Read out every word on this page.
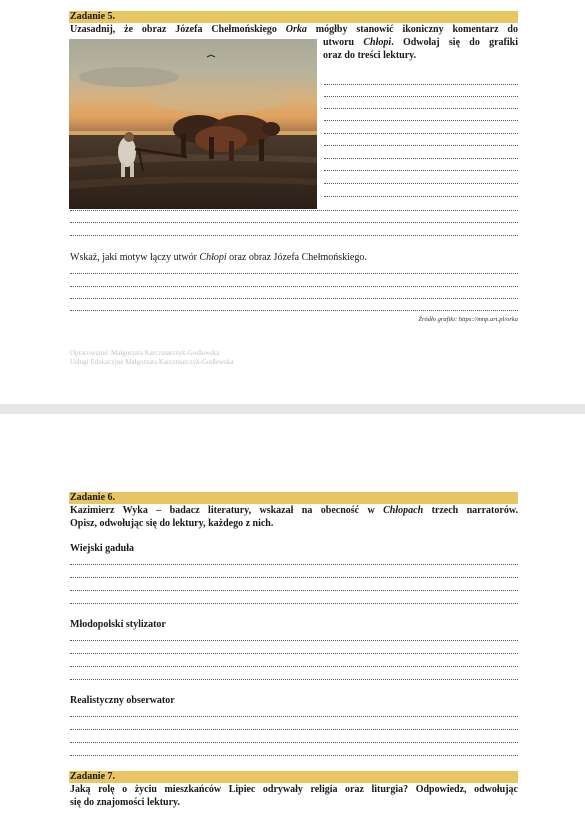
Zadanie 5.
Uzasadnij, że obraz Józefa Chełmońskiego Orka mógłby stanowić ikoniczny komentarz do
utworu Chłopi. Odwołaj się do grafiki
oraz do treści lektury.
Wskaż, jaki motyw łączy utwór Chłopi oraz obraz Józefa Chełmońskiego.
Źródło grafiki: https://mnp.art.pl/orka
Opracowanie: Małgorzata Karczmarczyk-Godlewska
Usługi Edukacyjne Małgorzata Karczmarczyk-Godlewska
Zadanie 6.
Kazimierz Wyka – badacz literatury, wskazał na obecność w Chłopach trzech narratorów.
Opisz, odwołując się do lektury, każdego z nich.
Wiejski gaduła
Młodopolski stylizator
Realistyczny obserwator
Zadanie 7.
Jaką rolę o życiu mieszkańców Lipiec odrywały religia oraz liturgia? Odpowiedz, odwołując
się do znajomości lektury.
